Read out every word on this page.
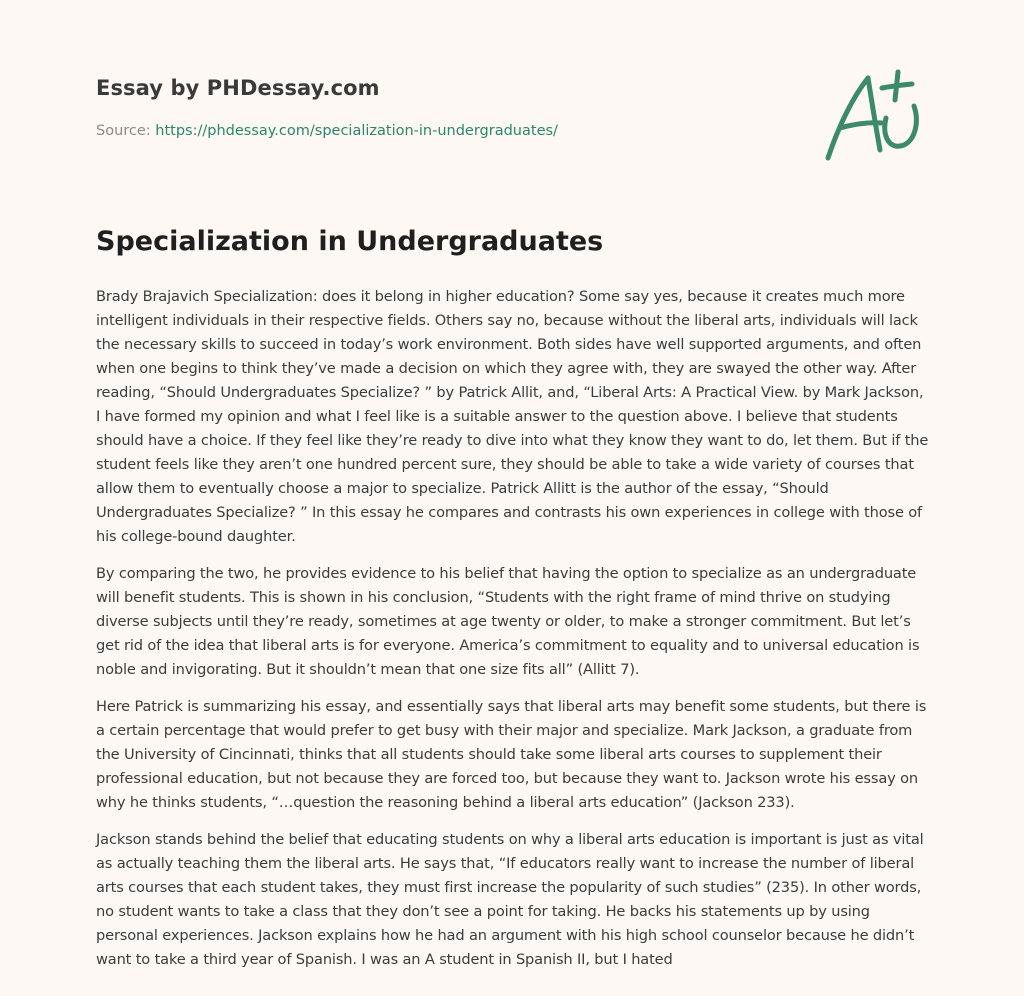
Essay by PHDessay.com
Source: https://phdessay.com/specialization-in-undergraduates/
Specialization in Undergraduates

Brady Brajavich Specialization: does it belong in higher education? Some say yes, because it creates much more intelligent individuals in their respective fields. Others say no, because without the liberal arts, individuals will lack the necessary skills to succeed in today’s work environment. Both sides have well supported arguments, and often when one begins to think they’ve made a decision on which they agree with, they are swayed the other way. After reading, “Should Undergraduates Specialize? ” by Patrick Allit, and, “Liberal Arts: A Practical View. by Mark Jackson, I have formed my opinion and what I feel like is a suitable answer to the question above. I believe that students should have a choice. If they feel like they’re ready to dive into what they know they want to do, let them. But if the student feels like they aren’t one hundred percent sure, they should be able to take a wide variety of courses that allow them to eventually choose a major to specialize. Patrick Allitt is the author of the essay, “Should Undergraduates Specialize? ” In this essay he compares and contrasts his own experiences in college with those of his college-bound daughter.

By comparing the two, he provides evidence to his belief that having the option to specialize as an undergraduate will benefit students. This is shown in his conclusion, “Students with the right frame of mind thrive on studying diverse subjects until they’re ready, sometimes at age twenty or older, to make a stronger commitment. But let’s get rid of the idea that liberal arts is for everyone. America’s commitment to equality and to universal education is noble and invigorating. But it shouldn’t mean that one size fits all” (Allitt 7).

Here Patrick is summarizing his essay, and essentially says that liberal arts may benefit some students, but there is a certain percentage that would prefer to get busy with their major and specialize. Mark Jackson, a graduate from the University of Cincinnati, thinks that all students should take some liberal arts courses to supplement their professional education, but not because they are forced too, but because they want to. Jackson wrote his essay on why he thinks students, “…question the reasoning behind a liberal arts education” (Jackson 233).

Jackson stands behind the belief that educating students on why a liberal arts education is important is just as vital as actually teaching them the liberal arts. He says that, “If educators really want to increase the number of liberal arts courses that each student takes, they must first increase the popularity of such studies” (235). In other words, no student wants to take a class that they don’t see a point for taking. He backs his statements up by using personal experiences. Jackson explains how he had an argument with his high school counselor because he didn’t want to take a third year of Spanish. I was an A student in Spanish II, but I hated
